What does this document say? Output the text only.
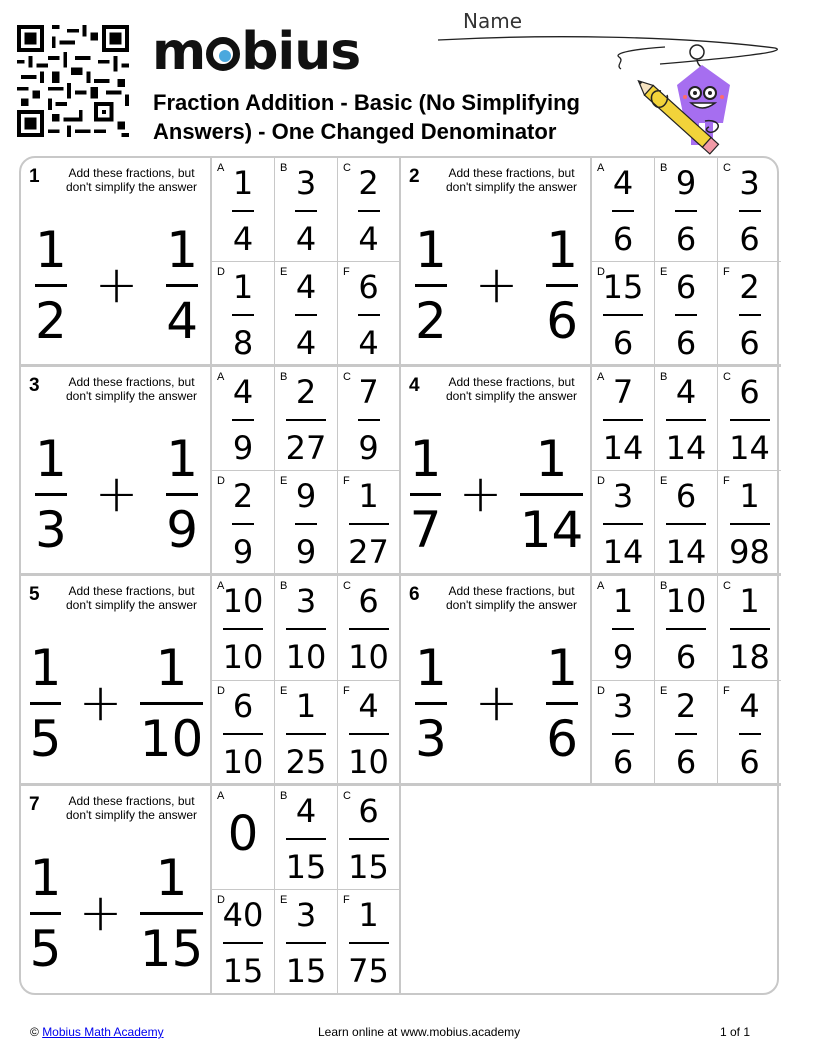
m bius
Fraction Addition - Basic (No Simplifying Answers) - One Changed Denominator
Name
1	Add these fractions, but don't simplify the answer
1
2
+
1
4
A 1
4
B 3
4
C 2
4
D 1
8
E 4
4
F 6
4
2	Add these fractions, but don't simplify the answer
1
2
+
1
6
A 4
6
B 9
6
C 3
6
D
15
6
E 6
6
F 2
6
3	Add these fractions, but don't simplify the answer
1
3
+
1
9
A 4
9
B 2
27
C 7
9
D 2
9
E 9
9
F 1
27
4	Add these fractions, but don't simplify the answer
1
7
+
1
14
A 7
14
B 4
14
C 6
14
D 3
14
E 6
14
F 1
98
5	Add these fractions, but don't simplify the answer
1
5
+
1
10
A
10
10
B 3
10
C 6
10
D 6
10
E 1
25
F 4
10
6	Add these fractions, but don't simplify the answer
1
3
+
1
6
A 1
9
B
10
6
C 1
18
D 3
6
E 2
6
F 4
6
7	Add these fractions, but don't simplify the answer
1
5
+
1
15
A
0
B 4
15
C 6
15
D
40
15
E 3
15
F 1
75
© Mobius Math Academy	Learn online at www.mobius.academy	1 of 1
